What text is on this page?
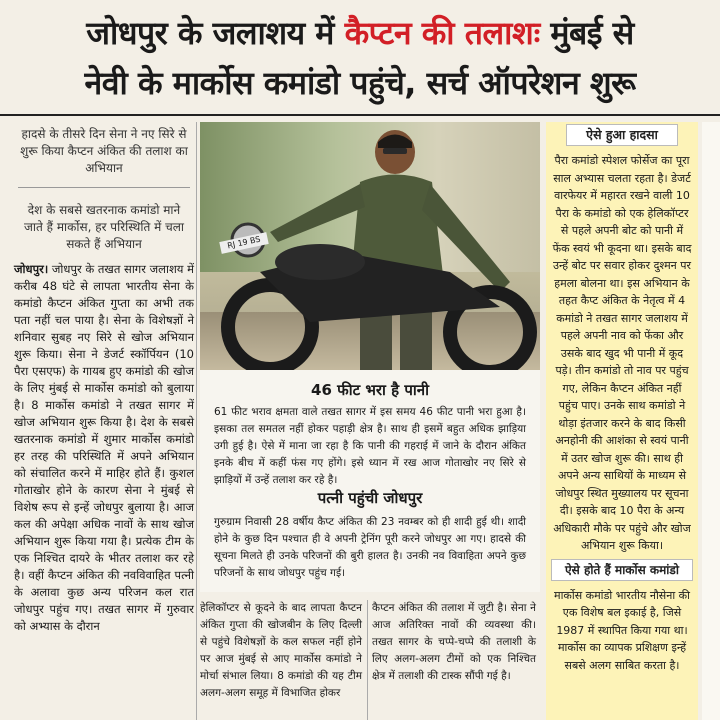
जोधपुर के जलाशय में कैप्टन की तलाशः मुंबई से
नेवी के मार्कोस कमांडो पहुंचे, सर्च ऑपरेशन शुरू
हादसे के तीसरे दिन सेना ने नए सिरे से शुरू किया कैप्टन अंकित की तलाश का अभियान
देश के सबसे खतरनाक कमांडो माने जाते हैं मार्कोस, हर परिस्थिति में चला सकते हैं अभियान
जोधपुर। जोधपुर के तखत सागर जलाशय में करीब 48 घंटे से लापता भारतीय सेना के कमांडो कैप्टन अंकित गुप्ता का अभी तक पता नहीं चल पाया है। सेना के विशेषज्ञों ने शनिवार सुबह नए सिरे से खोज अभियान शुरू किया। सेना ने डेजर्ट स्कॉर्पियन (10 पैरा एसएफ) के गायब हुए कमांडो की खोज के लिए मुंबई से मार्कोस कमांडो को बुलाया है। 8 मार्कोस कमांडो ने तखत सागर में खोज अभियान शुरू किया है। देश के सबसे खतरनाक कमांडो में शुमार मार्कोस कमांडो हर तरह की परिस्थिति में अपने अभियान को संचालित करने में माहिर होते हैं। कुशल गोताखोर होने के कारण सेना ने मुंबई से विशेष रूप से इन्हें जोधपुर बुलाया है। आज कल की अपेक्षा अधिक नावों के साथ खोज अभियान शुरू किया गया है। प्रत्येक टीम के एक निश्चित दायरे के भीतर तलाश कर रहे है। वहीं कैप्टन अंकित की नवविवाहित पत्नी के अलावा कुछ अन्य परिजन कल रात जोधपुर पहुंच गए। तखत सागर में गुरुवार को अभ्यास के दौरान
RJ 19 BS
46 फीट भरा है पानी
61 फीट भराव क्षमता वाले तखत सागर में इस समय 46 फीट पानी भरा हुआ है। इसका तल समतल नहीं होकर पहाड़ी क्षेत्र है। साथ ही इसमें बहुत अधिक झाड़िया उगी हुई है। ऐसे में माना जा रहा है कि पानी की गहराई में जाने के दौरान अंकित इनके बीच में कहीं फंस गए होंगे। इसे ध्यान में रख आज गोताखोर नए सिरे से झाड़ियों में उन्हें तलाश कर रहे है।
पत्नी पहुंची जोधपुर
गुरुग्राम निवासी 28 वर्षीय कैप्ट अंकित की 23 नवम्बर को ही शादी हुई थी। शादी होने के कुछ दिन पश्चात ही वे अपनी ट्रेनिंग पूरी करने जोधपुर आ गए। हादसे की सूचना मिलते ही उनके परिजनों की बुरी हालत है। उनकी नव विवाहिता अपने कुछ परिजनों के साथ जोधपुर पहुंच गई।
हेलिकॉप्टर से कूदने के बाद लापता कैप्टन अंकित गुप्ता की खोजबीन के लिए दिल्ली से पहुंचे विशेषज्ञों के कल सफल नहीं होने पर आज मुंबई से आए मार्कोस कमांडो ने मोर्चा संभाल लिया। 8 कमांडो की यह टीम अलग-अलग समूह में विभाजित होकर
कैप्टन अंकित की तलाश में जुटी है। सेना ने आज अतिरिक्त नावों की व्यवस्था की। तखत सागर के चप्पे-चप्पे की तलाशी के लिए अलग-अलग टीमों को एक निश्चित क्षेत्र में तलाशी की टास्क सौंपी गई है।
ऐसे हुआ हादसा
पैरा कमांडो स्पेशल फोर्सेज का पूरा साल अभ्यास चलता रहता है। डेजर्ट वारफेयर में महारत रखने वाली 10 पैरा के कमांडो को एक हेलिकॉप्टर से पहले अपनी बोट को पानी में फेंक स्वयं भी कूदना था। इसके बाद उन्हें बोट पर सवार होकर दुश्मन पर हमला बोलना था। इस अभियान के तहत कैप्ट अंकित के नेतृत्व में 4 कमांडो ने तखत सागर जलाशय में पहले अपनी नाव को फेंका और उसके बाद खुद भी पानी में कूद पड़े। तीन कमांडो तो नाव पर पहुंच गए, लेकिन कैप्टन अंकित नहीं पहुंच पाए। उनके साथ कमांडो ने थोड़ा इंतजार करने के बाद किसी अनहोनी की आशंका से स्वयं पानी में उतर खोज शुरू की। साथ ही अपने अन्य साथियों के माध्यम से जोधपुर स्थित मुख्यालय पर सूचना दी। इसके बाद 10 पैरा के अन्य अधिकारी मौके पर पहुंचे और खोज अभियान शुरू किया।
ऐसे होते हैं मार्कोस कमांडो
मार्कोस कमांडो भारतीय नौसेना की एक विशेष बल इकाई है, जिसे 1987 में स्थापित किया गया था। मार्कोस का व्यापक प्रशिक्षण इन्हें सबसे अलग साबित करता है।
